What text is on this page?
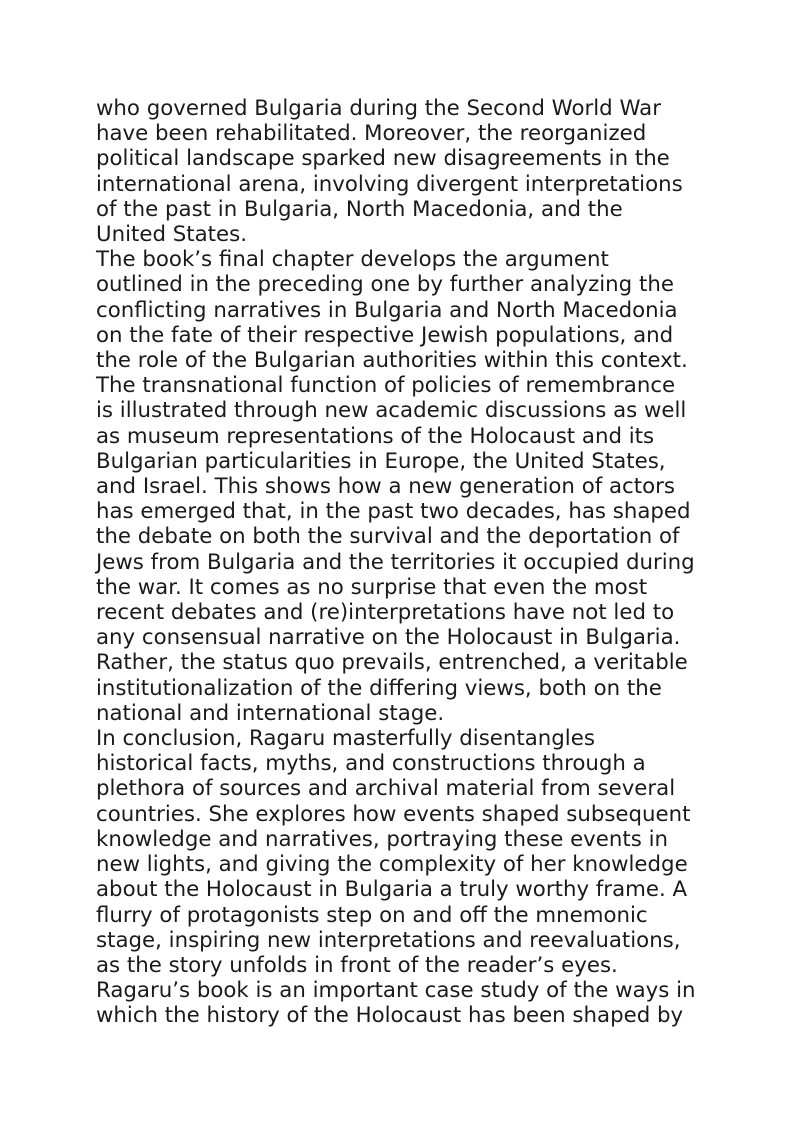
who governed Bulgaria during the Second World War
have been rehabilitated. Moreover, the reorganized
political landscape sparked new disagreements in the
international arena, involving divergent interpretations
of the past in Bulgaria, North Macedonia, and the
United States.
The book’s final chapter develops the argument
outlined in the preceding one by further analyzing the
conflicting narratives in Bulgaria and North Macedonia
on the fate of their respective Jewish populations, and
the role of the Bulgarian authorities within this context.
The transnational function of policies of remembrance
is illustrated through new academic discussions as well
as museum representations of the Holocaust and its
Bulgarian particularities in Europe, the United States,
and Israel. This shows how a new generation of actors
has emerged that, in the past two decades, has shaped
the debate on both the survival and the deportation of
Jews from Bulgaria and the territories it occupied during
the war. It comes as no surprise that even the most
recent debates and (re)interpretations have not led to
any consensual narrative on the Holocaust in Bulgaria.
Rather, the status quo prevails, entrenched, a veritable
institutionalization of the differing views, both on the
national and international stage.
In conclusion, Ragaru masterfully disentangles
historical facts, myths, and constructions through a
plethora of sources and archival material from several
countries. She explores how events shaped subsequent
knowledge and narratives, portraying these events in
new lights, and giving the complexity of her knowledge
about the Holocaust in Bulgaria a truly worthy frame. A
flurry of protagonists step on and off the mnemonic
stage, inspiring new interpretations and reevaluations,
as the story unfolds in front of the reader’s eyes.
Ragaru’s book is an important case study of the ways in
which the history of the Holocaust has been shaped by
